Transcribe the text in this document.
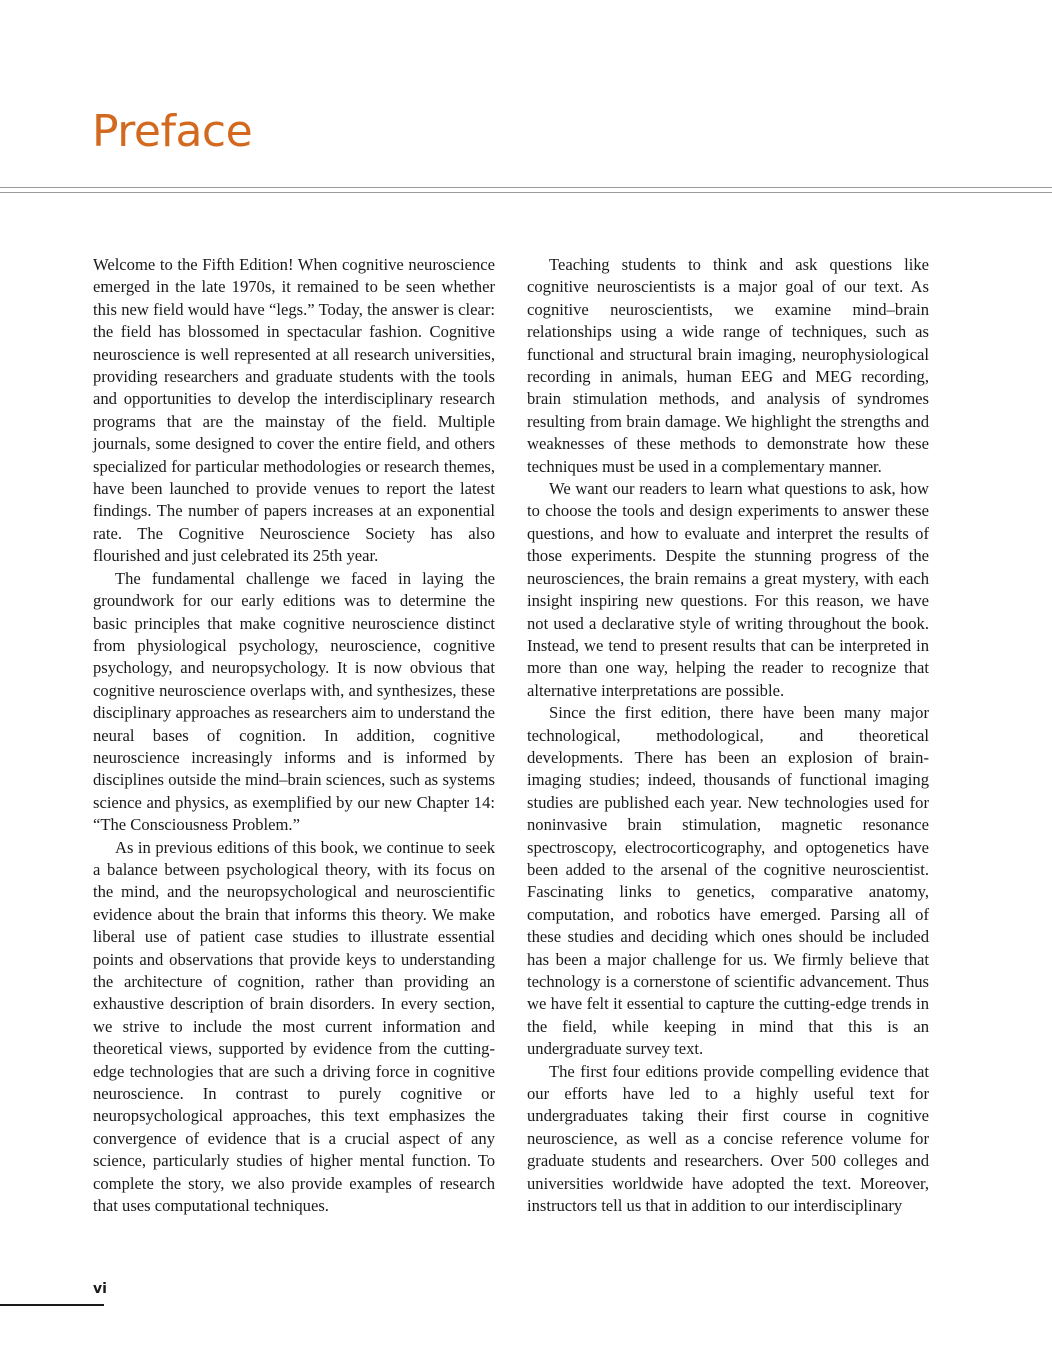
Preface

Welcome to the Fifth Edition! When cognitive neuroscience emerged in the late 1970s, it remained to be seen whether this new field would have “legs.” Today, the answer is clear: the field has blossomed in spectacular fashion. Cognitive neuroscience is well represented at all research universities, providing researchers and graduate students with the tools and opportunities to develop the interdisciplinary research programs that are the mainstay of the field. Multiple journals, some designed to cover the entire field, and others specialized for particular methodologies or research themes, have been launched to provide venues to report the latest findings. The number of papers increases at an exponential rate. The Cognitive Neuroscience Society has also flourished and just celebrated its 25th year.

The fundamental challenge we faced in laying the groundwork for our early editions was to determine the basic principles that make cognitive neuroscience distinct from physiological psychology, neuroscience, cognitive psychology, and neuropsychology. It is now obvious that cognitive neuroscience overlaps with, and synthesizes, these disciplinary approaches as researchers aim to understand the neural bases of cognition. In addition, cognitive neuroscience increasingly informs and is informed by disciplines outside the mind–brain sciences, such as systems science and physics, as exemplified by our new Chapter 14: “The Consciousness Problem.”

As in previous editions of this book, we continue to seek a balance between psychological theory, with its focus on the mind, and the neuropsychological and neuroscientific evidence about the brain that informs this theory. We make liberal use of patient case studies to illustrate essential points and observations that provide keys to understanding the architecture of cognition, rather than providing an exhaustive description of brain disorders. In every section, we strive to include the most current information and theoretical views, supported by evidence from the cutting-edge technologies that are such a driving force in cognitive neuroscience. In contrast to purely cognitive or neuropsychological approaches, this text emphasizes the convergence of evidence that is a crucial aspect of any science, particularly studies of higher mental function. To complete the story, we also provide examples of research that uses computational techniques.

Teaching students to think and ask questions like cognitive neuroscientists is a major goal of our text. As cognitive neuroscientists, we examine mind–brain relationships using a wide range of techniques, such as functional and structural brain imaging, neurophysiological recording in animals, human EEG and MEG recording, brain stimulation methods, and analysis of syndromes resulting from brain damage. We highlight the strengths and weaknesses of these methods to demonstrate how these techniques must be used in a complementary manner.

We want our readers to learn what questions to ask, how to choose the tools and design experiments to answer these questions, and how to evaluate and interpret the results of those experiments. Despite the stunning progress of the neurosciences, the brain remains a great mystery, with each insight inspiring new questions. For this reason, we have not used a declarative style of writing throughout the book. Instead, we tend to present results that can be interpreted in more than one way, helping the reader to recognize that alternative interpretations are possible.

Since the first edition, there have been many major technological, methodological, and theoretical developments. There has been an explosion of brain-imaging studies; indeed, thousands of functional imaging studies are published each year. New technologies used for noninvasive brain stimulation, magnetic resonance spectroscopy, electrocorticography, and optogenetics have been added to the arsenal of the cognitive neuroscientist. Fascinating links to genetics, comparative anatomy, computation, and robotics have emerged. Parsing all of these studies and deciding which ones should be included has been a major challenge for us. We firmly believe that technology is a cornerstone of scientific advancement. Thus we have felt it essential to capture the cutting-edge trends in the field, while keeping in mind that this is an undergraduate survey text.

The first four editions provide compelling evidence that our efforts have led to a highly useful text for undergraduates taking their first course in cognitive neuroscience, as well as a concise reference volume for graduate students and researchers. Over 500 colleges and universities worldwide have adopted the text. Moreover, instructors tell us that in addition to our interdisciplinary

vi
